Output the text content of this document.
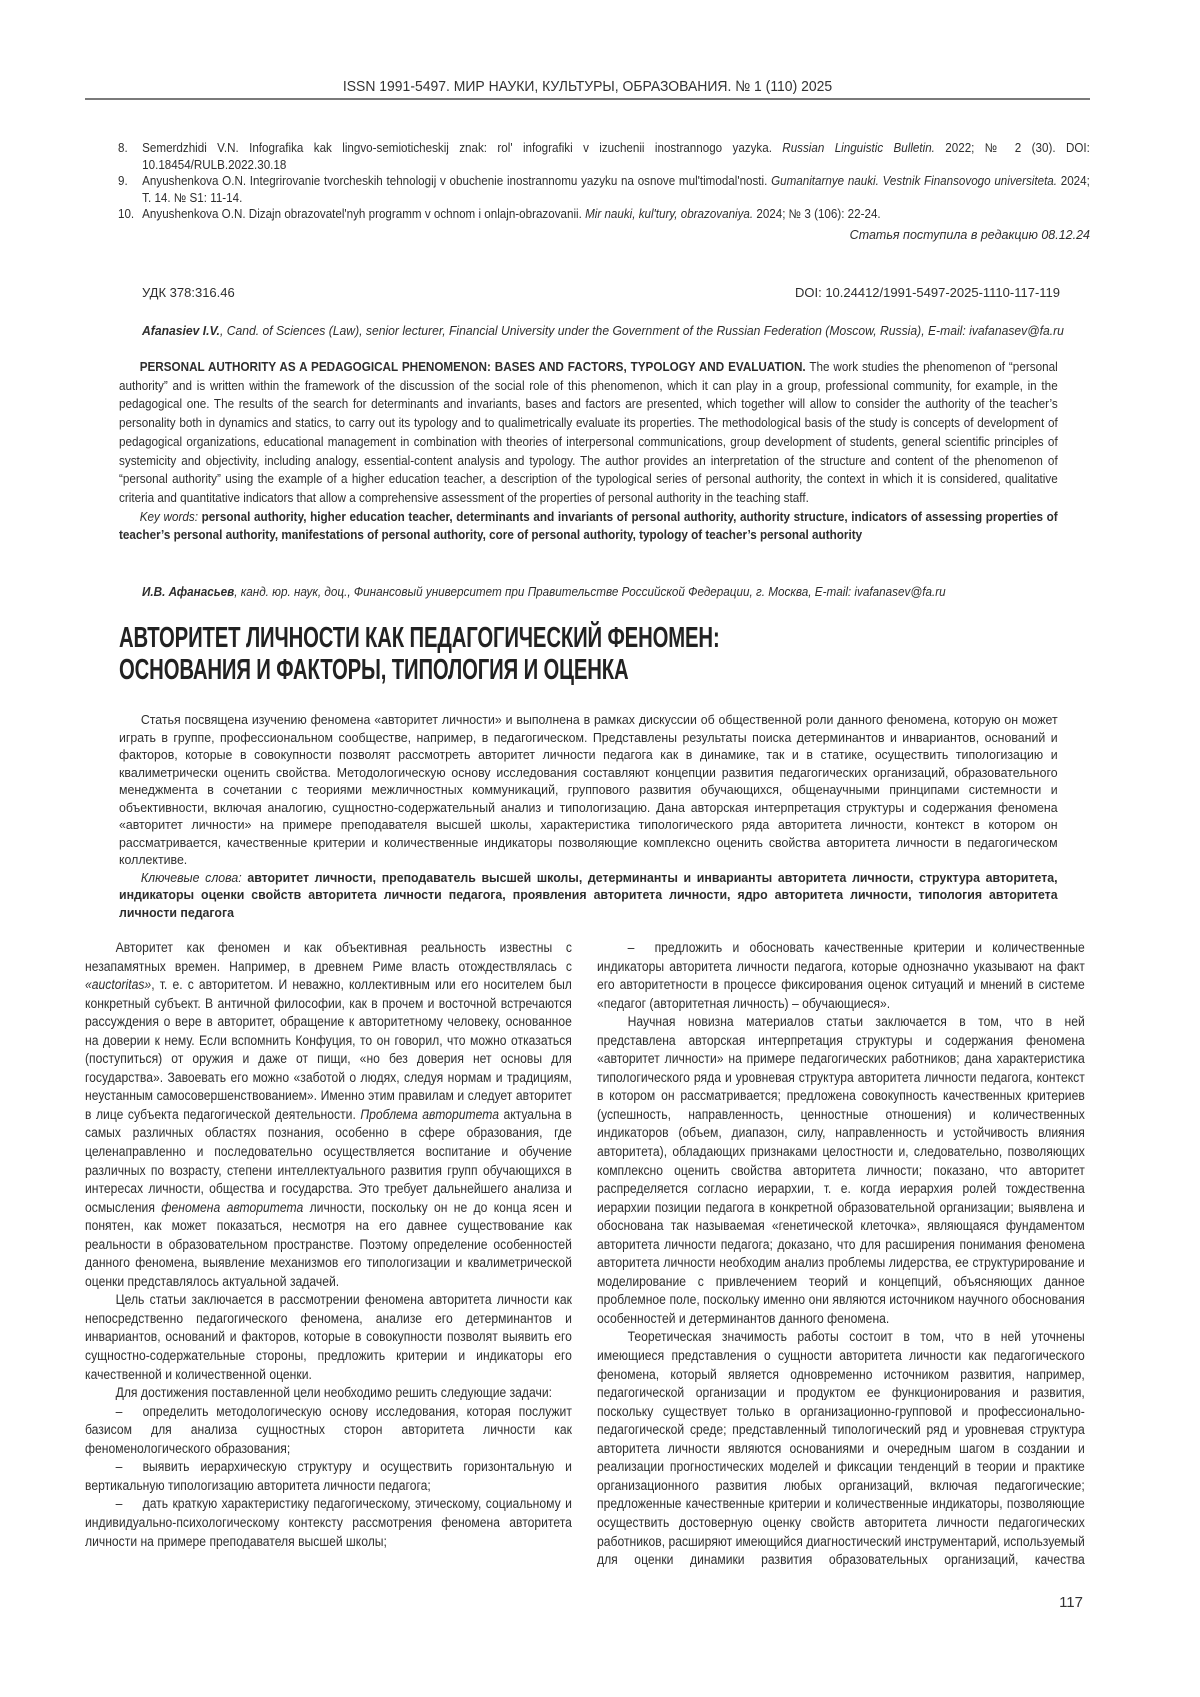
ISSN 1991-5497. МИР НАУКИ, КУЛЬТУРЫ, ОБРАЗОВАНИЯ. № 1 (110) 2025
8.	Semerdzhidi V.N. Infografika kak lingvo-semioticheskij znak: rol' infografiki v izuchenii inostrannogo yazyka. Russian Linguistic Bulletin. 2022; № 2 (30). DOI: 10.18454/RULB.2022.30.18
9.	Anyushenkova O.N. Integrirovanie tvorcheskih tehnologij v obuchenie inostrannomu yazyku na osnove mul'timodal'nosti. Gumanitarnye nauki. Vestnik Finansovogo universiteta. 2024; T. 14. № S1: 11-14.
10. Anyushenkova O.N. Dizajn obrazovatel'nyh programm v ochnom i onlajn-obrazovanii. Mir nauki, kul'tury, obrazovaniya. 2024; № 3 (106): 22-24.
Статья поступила в редакцию 08.12.24
УДК 378:316.46	DOI: 10.24412/1991-5497-2025-1110-117-119
Afanasiev I.V., Cand. of Sciences (Law), senior lecturer, Financial University under the Government of the Russian Federation (Moscow, Russia), E-mail: ivafanasev@fa.ru

PERSONAL AUTHORITY AS A PEDAGOGICAL PHENOMENON: BASES AND FACTORS, TYPOLOGY AND EVALUATION. The work studies the phenomenon of “personal authority” and is written within the framework of the discussion of the social role of this phenomenon, which it can play in a group, professional community, for example, in the pedagogical one. The results of the search for determinants and invariants, bases and factors are presented, which together will allow to consider the authority of the teacher’s personality both in dynamics and statics, to carry out its typology and to qualimetrically evaluate its properties. The methodological basis of the study is concepts of development of pedagogical organizations, educational management in combination with theories of interpersonal communications, group development of students, general scientific principles of systemicity and objectivity, including analogy, essential-content analysis and typology. The author provides an interpretation of the structure and content of the phenomenon of “personal authority” using the example of a higher education teacher, a description of the typological series of personal authority, the context in which it is considered, qualitative criteria and quantitative indicators that allow a comprehensive assessment of the properties of personal authority in the teaching staff.

Key words: personal authority, higher education teacher, determinants and invariants of personal authority, authority structure, indicators of assessing properties of teacher’s personal authority, manifestations of personal authority, core of personal authority, typology of teacher’s personal authority

И.В. Афанасьев, канд. юр. наук, доц., Финансовый университет при Правительстве Российской Федерации, г. Москва, E-mail: ivafanasev@fa.ru
АВТОРИТЕТ ЛИЧНОСТИ КАК ПЕДАГОГИЧЕСКИЙ ФЕНОМЕН:
ОСНОВАНИЯ И ФАКТОРЫ, ТИПОЛОГИЯ И ОЦЕНКА

Статья посвящена изучению феномена «авторитет личности» и выполнена в рамках дискуссии об общественной роли данного феномена, которую он может играть в группе, профессиональном сообществе, например, в педагогическом. Представлены результаты поиска детерминантов и инвариантов, оснований и факторов, которые в совокупности позволят рассмотреть авторитет личности педагога как в динамике, так и в статике, осуществить типологизацию и квалиметрически оценить свойства. Методологическую основу исследования составляют концепции развития педагогических организаций, образовательного менеджмента в сочетании с теориями межличностных коммуникаций, группового развития обучающихся, общенаучными принципами системности и объективности, включая аналогию, сущностно-содержательный анализ и типологизацию. Дана авторская интерпретация структуры и содержания феномена «авторитет личности» на примере преподавателя высшей школы, характеристика типологического ряда авторитета личности, контекст в котором он рассматривается, качественные критерии и количественные индикаторы позволяющие комплексно оценить свойства авторитета личности в педагогическом коллективе.

Ключевые слова: авторитет личности, преподаватель высшей школы, детерминанты и инварианты авторитета личности, структура авторитета, индикаторы оценки свойств авторитета личности педагога, проявления авторитета личности, ядро авторитета личности, типология авторитета личности педагога

Авторитет как феномен и как объективная реальность известны с незапамятных времен. Например, в древнем Риме власть отождествлялась с «auctoritas», т. е. с авторитетом. И неважно, коллективным или его носителем был конкретный субъект. В античной философии, как в прочем и восточной встречаются рассуждения о вере в авторитет, обращение к авторитетному человеку, основанное на доверии к нему. Если вспомнить Конфуция, то он говорил, что можно отказаться (поступиться) от оружия и даже от пищи, «но без доверия нет основы для государства». Завоевать его можно «заботой о людях, следуя нормам и традициям, неустанным самосовершенствованием». Именно этим правилам и следует авторитет в лице субъекта педагогической деятельности. Проблема авторитета актуальна в самых различных областях познания, особенно в сфере образования, где целенаправленно и последовательно осуществляется воспитание и обучение различных по возрасту, степени интеллектуального развития групп обучающихся в интересах личности, общества и государства. Это требует дальнейшего анализа и осмысления феномена авторитета личности, поскольку он не до конца ясен и понятен, как может показаться, несмотря на его давнее существование как реальности в образовательном пространстве. Поэтому определение особенностей данного феномена, выявление механизмов его типологизации и квалиметрической оценки представлялось актуальной задачей.

Цель статьи заключается в рассмотрении феномена авторитета личности как непосредственно педагогического феномена, анализе его детерминантов и инвариантов, оснований и факторов, которые в совокупности позволят выявить его сущностно-содержательные стороны, предложить критерии и индикаторы его качественной и количественной оценки.

Для достижения поставленной цели необходимо решить следующие задачи:

– определить методологическую основу исследования, которая послужит базисом для анализа сущностных сторон авторитета личности как феноменологического образования;

– выявить иерархическую структуру и осуществить горизонтальную и вертикальную типологизацию авторитета личности педагога;

– дать краткую характеристику педагогическому, этическому, социальному и индивидуально-психологическому контексту рассмотрения феномена авторитета личности на примере преподавателя высшей школы;

– предложить и обосновать качественные критерии и количественные индикаторы авторитета личности педагога, которые однозначно указывают на факт его авторитетности в процессе фиксирования оценок ситуаций и мнений в системе «педагог (авторитетная личность) – обучающиеся».

Научная новизна материалов статьи заключается в том, что в ней представлена авторская интерпретация структуры и содержания феномена «авторитет личности» на примере педагогических работников; дана характеристика типологического ряда и уровневая структура авторитета личности педагога, контекст в котором он рассматривается; предложена совокупность качественных критериев (успешность, направленность, ценностные отношения) и количественных индикаторов (объем, диапазон, силу, направленность и устойчивость влияния авторитета), обладающих признаками целостности и, следовательно, позволяющих комплексно оценить свойства авторитета личности; показано, что авторитет распределяется согласно иерархии, т. е. когда иерархия ролей тождественна иерархии позиции педагога в конкретной образовательной организации; выявлена и обоснована так называемая «генетической клеточка», являющаяся фундаментом авторитета личности педагога; доказано, что для расширения понимания феномена авторитета личности необходим анализ проблемы лидерства, ее структурирование и моделирование с привлечением теорий и концепций, объясняющих данное проблемное поле, поскольку именно они являются источником научного обоснования особенностей и детерминантов данного феномена.

Теоретическая значимость работы состоит в том, что в ней уточнены имеющиеся представления о сущности авторитета личности как педагогического феномена, который является одновременно источником развития, например, педагогической организации и продуктом ее функционирования и развития, поскольку существует только в организационно-групповой и профессионально-педагогической среде; представленный типологический ряд и уровневая структура авторитета личности являются основаниями и очередным шагом в создании и реализации прогностических моделей и фиксации тенденций в теории и практике организационного развития любых организаций, включая педагогические; предложенные качественные критерии и количественные индикаторы, позволяющие осуществить достоверную оценку свойств авторитета личности педагогических работников, расширяют имеющийся диагностический инструментарий, используемый для оценки динамики развития образовательных организаций, качества

117
